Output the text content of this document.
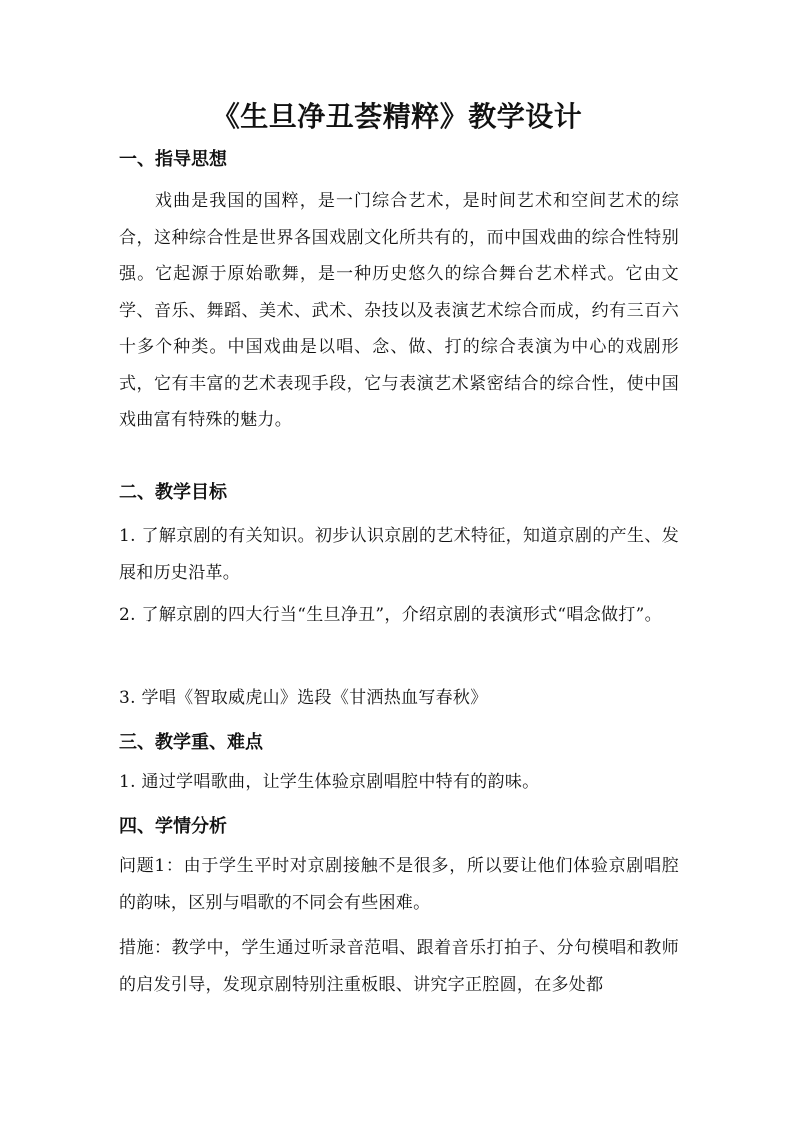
《生旦净丑荟精粹》教学设计
一、指导思想
戏曲是我国的国粹，是一门综合艺术，是时间艺术和空间艺术的综合，这种综合性是世界各国戏剧文化所共有的，而中国戏曲的综合性特别强。它起源于原始歌舞，是一种历史悠久的综合舞台艺术样式。它由文学、音乐、舞蹈、美术、武术、杂技以及表演艺术综合而成，约有三百六十多个种类。中国戏曲是以唱、念、做、打的综合表演为中心的戏剧形式，它有丰富的艺术表现手段，它与表演艺术紧密结合的综合性，使中国戏曲富有特殊的魅力。
二、教学目标
1. 了解京剧的有关知识。初步认识京剧的艺术特征，知道京剧的产生、发展和历史沿革。
2. 了解京剧的四大行当“生旦净丑”，介绍京剧的表演形式“唱念做打”。
3. 学唱《智取威虎山》选段《甘洒热血写春秋》
三、教学重、难点
1. 通过学唱歌曲，让学生体验京剧唱腔中特有的韵味。
四、学情分析
问题1：由于学生平时对京剧接触不是很多，所以要让他们体验京剧唱腔的韵味，区别与唱歌的不同会有些困难。
措施：教学中，学生通过听录音范唱、跟着音乐打拍子、分句模唱和教师的启发引导，发现京剧特别注重板眼、讲究字正腔圆，在多处都
